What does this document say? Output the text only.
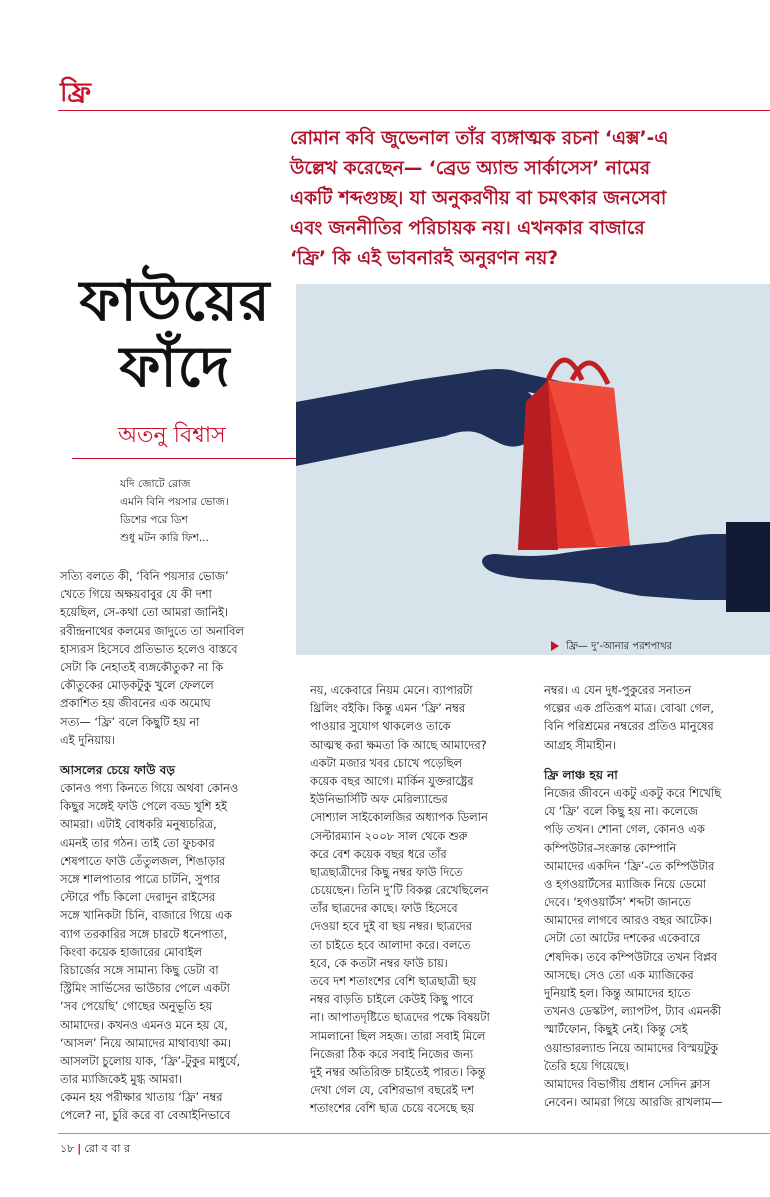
ফ্রি
রোমান কবি জুভেনাল তাঁর ব্যঙ্গাত্মক রচনা ‘এক্স’-এ
উল্লেখ করেছেন— ‘ব্রেড অ্যান্ড সার্কাসেস’ নামের
একটি শব্দগুচ্ছ। যা অনুকরণীয় বা চমৎকার জনসেবা
এবং জননীতির পরিচায়ক নয়। এখনকার বাজারে
‘ফ্রি’ কি এই ভাবনারই অনুরণন নয়?
ফাউয়ের
ফাঁদে
অতনু বিশ্বাস
যদি জোটে রোজ
এমনি বিনি পয়সার ভোজ।
ডিশের পরে ডিশ
শুধু মটন কারি ফিশ...
ফ্রি— দু’-আনার পরশপাথর
সত্যি বলতে কী, ‘বিনি পয়সার ভোজ’
খেতে গিয়ে অক্ষয়বাবুর যে কী দশা
হয়েছিল, সে-কথা তো আমরা জানিই।
রবীন্দ্রনাথের কলমের জাদুতে তা অনাবিল
হাস্যরস হিসেবে প্রতিভাত হলেও বাস্তবে
সেটা কি নেহাতই ব্যঙ্গকৌতুক? না কি
কৌতুকের মোড়কটুকু খুলে ফেললে
প্রকাশিত হয় জীবনের এক অমোঘ
সত্য— ‘ফ্রি’ বলে কিছুটি হয় না
এই দুনিয়ায়।
আসলের চেয়ে ফাউ বড়
কোনও পণ্য কিনতে গিয়ে অথবা কোনও
কিছুর সঙ্গেই ফাউ পেলে বড্ড খুশি হই
আমরা। এটাই বোধকরি মনুষ্যচরিত্র,
এমনই তার গঠন। তাই তো ফুচকার
শেষপাতে ফাউ তেঁতুলজল, শিঙাড়ার
সঙ্গে শালপাতার পাত্রে চাটনি, সুপার
স্টোরে পাঁচ কিলো দেরাদুন রাইসের
সঙ্গে খানিকটা চিনি, বাজারে গিয়ে এক
ব্যাগ তরকারির সঙ্গে চারটে ধনেপাতা,
কিংবা কয়েক হাজারের মোবাইল
রিচার্জের সঙ্গে সামান্য কিছু ডেটা বা
স্ট্রিমিং সার্ভিসের ভাউচার পেলে একটা
‘সব পেয়েছি’ গোছের অনুভূতি হয়
আমাদের। কখনও এমনও মনে হয় যে,
‘আসল’ নিয়ে আমাদের মাথাব্যথা কম।
আসলটা চুলোয় যাক, ‘ফ্রি’-টুকুর মাধুর্যে,
তার ম্যাজিকেই মুগ্ধ আমরা।
কেমন হয় পরীক্ষার খাতায় ‘ফ্রি’ নম্বর
পেলে? না, চুরি করে বা বেআইনিভাবে
নয়, একেবারে নিয়ম মেনে। ব্যাপারটা
থ্রিলিং বইকি। কিন্তু এমন ‘ফ্রি’ নম্বর
পাওয়ার সুযোগ থাকলেও তাকে
আত্মস্থ করা ক্ষমতা কি আছে আমাদের?
একটা মজার খবর চোখে পড়েছিল
কয়েক বছর আগে। মার্কিন যুক্তরাষ্ট্রের
ইউনিভার্সিটি অফ মেরিল্যান্ডের
সোশ্যাল সাইকোলজির অধ্যাপক ডিলান
সেল্টারম্যান ২০০৮ সাল থেকে শুরু
করে বেশ কয়েক বছর ধরে তাঁর
ছাত্রছাত্রীদের কিছু নম্বর ফাউ দিতে
চেয়েছেন। তিনি দু’টি বিকল্প রেখেছিলেন
তাঁর ছাত্রদের কাছে। ফাউ হিসেবে
দেওয়া হবে দুই বা ছয় নম্বর। ছাত্রদের
তা চাইতে হবে আলাদা করে। বলতে
হবে, কে কতটা নম্বর ফাউ চায়।
তবে দশ শতাংশের বেশি ছাত্রছাত্রী ছয়
নম্বর বাড়তি চাইলে কেউই কিছু পাবে
না। আপাতদৃষ্টিতে ছাত্রদের পক্ষে বিষয়টা
সামলানো ছিল সহজ। তারা সবাই মিলে
নিজেরা ঠিক করে সবাই নিজের জন্য
দুই নম্বর অতিরিক্ত চাইতেই পারত। কিন্তু
দেখা গেল যে, বেশিরভাগ বছরেই দশ
শতাংশের বেশি ছাত্র চেয়ে বসেছে ছয়
নম্বর। এ যেন দুধ-পুকুরের সনাতন
গল্পের এক প্রতিরূপ মাত্র। বোঝা গেল,
বিনি পরিশ্রমের নম্বরের প্রতিও মানুষের
আগ্রহ সীমাহীন।
ফ্রি লাঞ্চ হয় না
নিজের জীবনে একটু একটু করে শিখেছি
যে ‘ফ্রি’ বলে কিছু হয় না। কলেজে
পড়ি তখন। শোনা গেল, কোনও এক
কম্পিউটার-সংক্রান্ত কোম্পানি
আমাদের একদিন ‘ফ্রি’-তে কম্পিউটার
ও হগওয়ার্টসের ম্যাজিক নিয়ে ডেমো
দেবে। ‘হগওয়ার্টস’ শব্দটা জানতে
আমাদের লাগবে আরও বছর আটেক।
সেটা তো আটের দশকের একেবারে
শেষদিক। তবে কম্পিউটারে তখন বিপ্লব
আসছে। সেও তো এক ম্যাজিকের
দুনিয়াই হল। কিন্তু আমাদের হাতে
তখনও ডেস্কটপ, ল্যাপটপ, ট্যাব এমনকী
স্মার্টফোন, কিছুই নেই। কিন্তু সেই
ওয়ান্ডারল্যান্ড নিয়ে আমাদের বিস্ময়টুকু
তৈরি হয়ে গিয়েছে।
আমাদের বিভাগীয় প্রধান সেদিন ক্লাস
নেবেন। আমরা গিয়ে আরজি রাখলাম—
১৮ | রো ব বা র
